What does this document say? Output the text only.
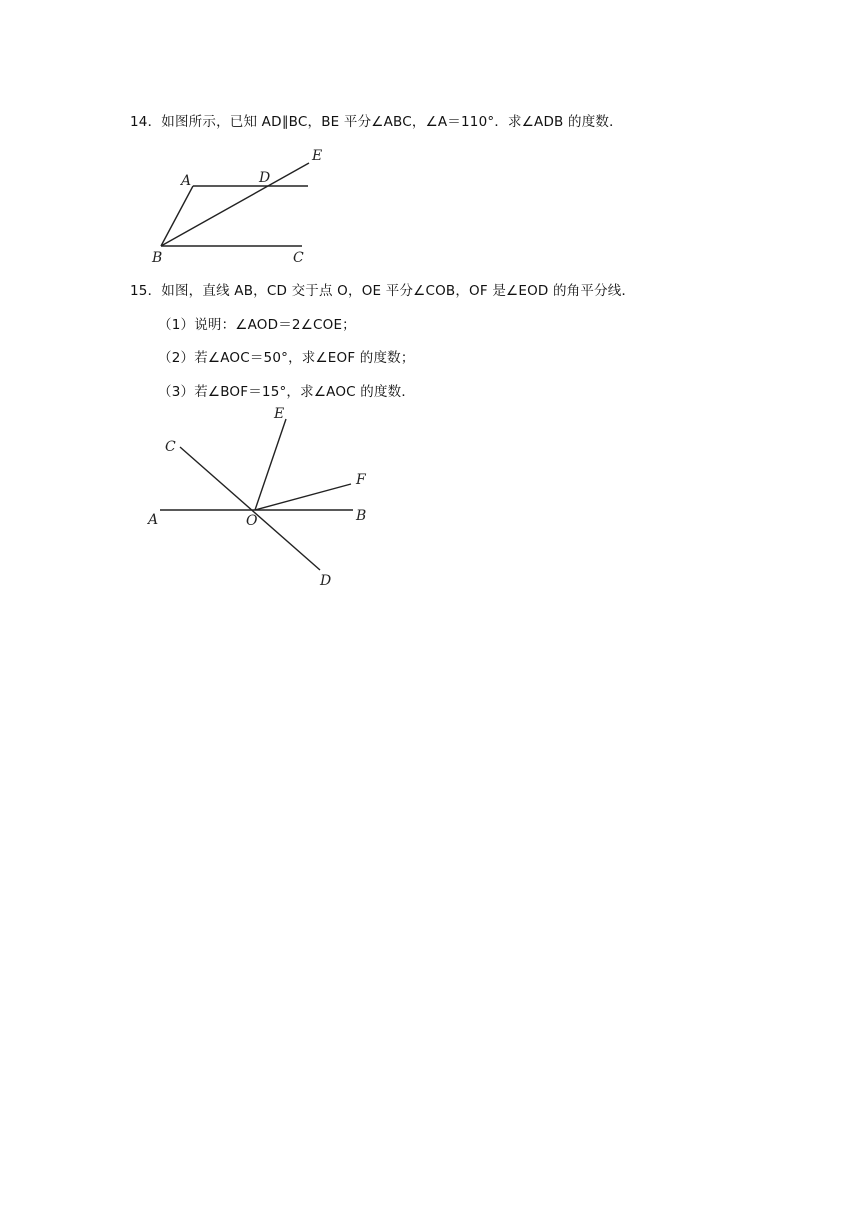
14．如图所示，已知 AD∥BC，BE 平分∠ABC，∠A＝110°．求∠ADB 的度数．
A	D
E
B	C
15．如图，直线 AB，CD 交于点 O，OE 平分∠COB，OF 是∠EOD 的角平分线．
（1）说明：∠AOD＝2∠COE；
（2）若∠AOC＝50°，求∠EOF 的度数；
（3）若∠BOF＝15°，求∠AOC 的度数．
C
E
F
A	O	B
D
